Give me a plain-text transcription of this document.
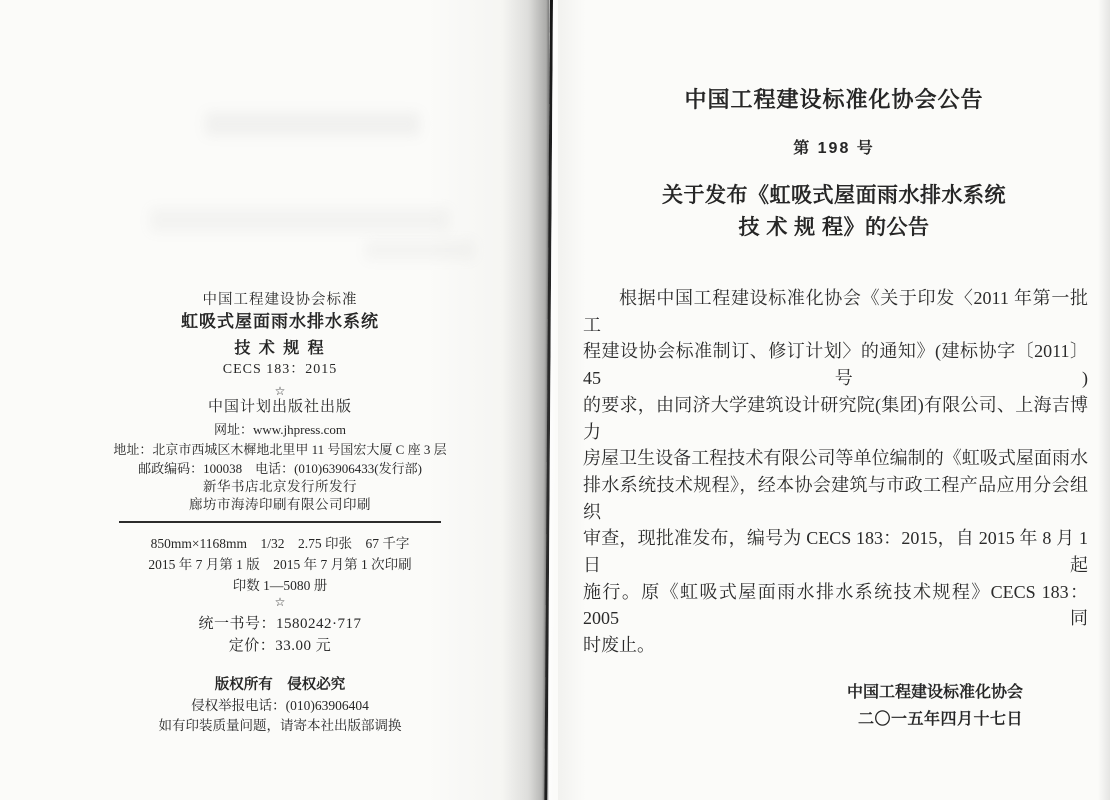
中国工程建设协会标准
虹吸式屋面雨水排水系统
技 术 规 程
CECS 183：2015
☆
中国计划出版社出版
网址：www.jhpress.com
地址：北京市西城区木樨地北里甲 11 号国宏大厦 C 座 3 层
邮政编码：100038　电话：(010)63906433(发行部)
新华书店北京发行所发行
廊坊市海涛印刷有限公司印刷
850mm×1168mm　1/32　2.75 印张　67 千字
2015 年 7 月第 1 版　2015 年 7 月第 1 次印刷
印数 1—5080 册
☆
统一书号：1580242·717
定价：33.00 元
版权所有　侵权必究
侵权举报电话：(010)63906404
如有印装质量问题，请寄本社出版部调换
中国工程建设标准化协会公告
第 198 号
关于发布《虹吸式屋面雨水排水系统
技 术 规 程》的公告
根据中国工程建设标准化协会《关于印发〈2011 年第一批工
程建设协会标准制订、修订计划〉的通知》(建标协字〔2011〕45 号)
的要求，由同济大学建筑设计研究院(集团)有限公司、上海吉博力
房屋卫生设备工程技术有限公司等单位编制的《虹吸式屋面雨水
排水系统技术规程》，经本协会建筑与市政工程产品应用分会组织
审查，现批准发布，编号为 CECS 183：2015，自 2015 年 8 月 1 日起
施行。原《虹吸式屋面雨水排水系统技术规程》CECS 183：2005 同
时废止。
中国工程建设标准化协会
二〇一五年四月十七日
